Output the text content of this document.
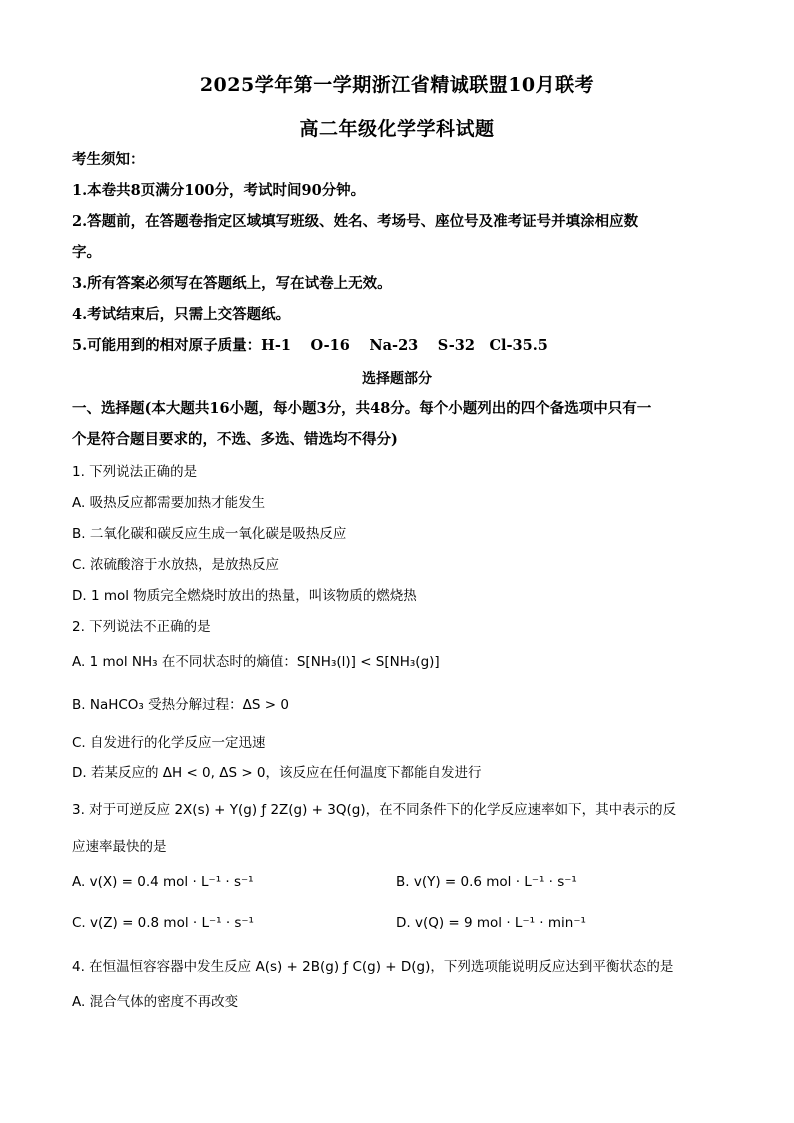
2025学年第一学期浙江省精诚联盟10月联考
高二年级化学学科试题
考生须知：
1.本卷共8页满分100分，考试时间90分钟。
2.答题前，在答题卷指定区域填写班级、姓名、考场号、座位号及准考证号并填涂相应数
字。
3.所有答案必须写在答题纸上，写在试卷上无效。
4.考试结束后，只需上交答题纸。
5.可能用到的相对原子质量：H-1　 O-16　 Na-23　 S-32　Cl-35.5
选择题部分
一、选择题(本大题共16小题，每小题3分，共48分。每个小题列出的四个备选项中只有一
个是符合题目要求的，不选、多选、错选均不得分)
1. 下列说法正确的是
A. 吸热反应都需要加热才能发生
B. 二氧化碳和碳反应生成一氧化碳是吸热反应
C. 浓硫酸溶于水放热，是放热反应
D. 1 mol 物质完全燃烧时放出的热量，叫该物质的燃烧热
2. 下列说法不正确的是
A. 1 mol NH₃ 在不同状态时的熵值：S[NH₃(l)] < S[NH₃(g)]
B. NaHCO₃ 受热分解过程：ΔS > 0
C. 自发进行的化学反应一定迅速
D. 若某反应的 ΔH < 0, ΔS > 0，该反应在任何温度下都能自发进行
3. 对于可逆反应 2X(s) + Y(g) ƒ 2Z(g) + 3Q(g)，在不同条件下的化学反应速率如下，其中表示的反
应速率最快的是
A. v(X) = 0.4 mol · L⁻¹ · s⁻¹	B. v(Y) = 0.6 mol · L⁻¹ · s⁻¹
C. v(Z) = 0.8 mol · L⁻¹ · s⁻¹	D. v(Q) = 9 mol · L⁻¹ · min⁻¹
4. 在恒温恒容容器中发生反应 A(s) + 2B(g) ƒ C(g) + D(g)，下列选项能说明反应达到平衡状态的是
A. 混合气体的密度不再改变
